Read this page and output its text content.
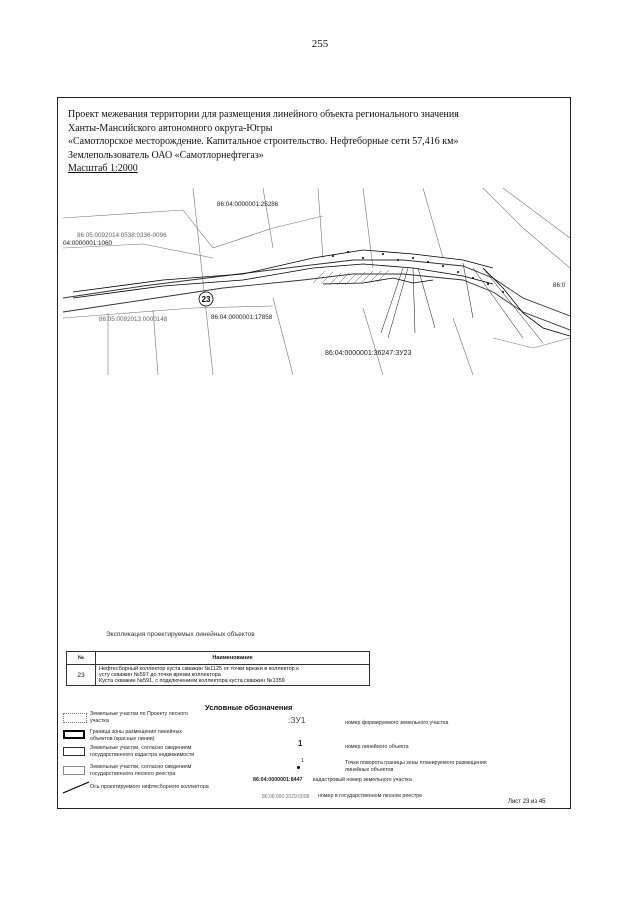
255
Проект межевания территории для размещения линейного объекта регионального значения
Ханты-Мансийского автономного округа-Югры
«Самотлорское месторождение. Капитальное строительство. Нефтеборные сети 57,416 км»
Землепользователь ОАО «Самотлорнефтегаз»
Масштаб 1:2000
86:04:0000001:25286
86:05:0092014:0538:0336-0096
04:0000001:1060
86:05:0092013:0000148	86:04:0000001:17858
86:04:0000001:36247:ЗУ23
86:0
23
Экспликация проектируемых линейных объектов
№	Наименование
23	Нефтесборный коллектор куста скважин №1125 от точки врезки в коллектор к
усту скважин №597 до точки врезки коллектора
Куста скважин №591, с подключением коллектора куста скважин №1359
Условные обозначения
Земельные участки по Проекту лесного участка
Граница зоны размещения линейных объектов (красные линии)
Земельные участки, согласно сведениям государственного кадастра недвижимости
Земельные участки, согласно сведениям государственного лесного реестра
Ось проектируемого нефтесборного коллектора
:ЗУ1	номер формируемого земельного участка
1	номер линейного объекта
1	Точки поворота границы зоны планируемого размещения линейных объектов
86:04:0000001:8447 кадастровый номер земельного участка
86:06:000:2029:0008 номер в государственном лесном реестре
Лист 23 из 45
